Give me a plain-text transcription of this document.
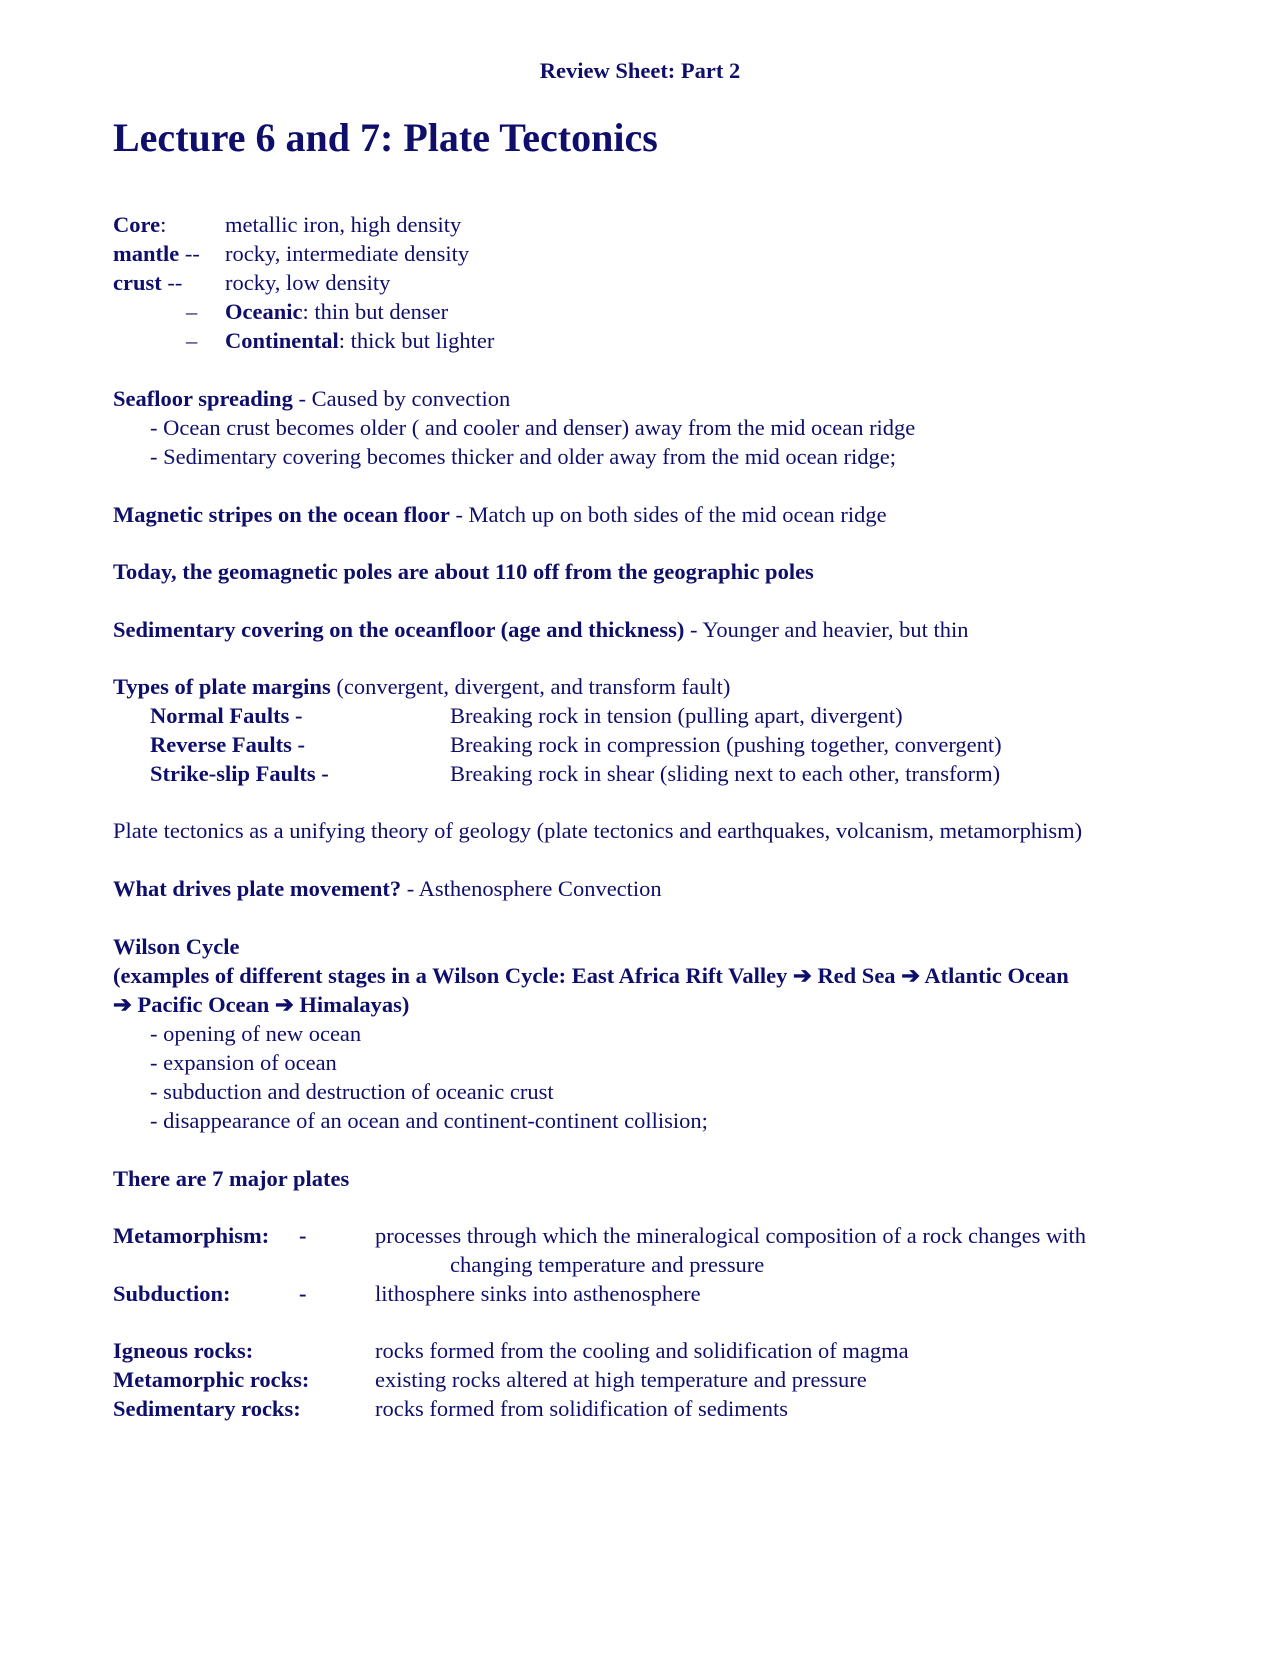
Review Sheet: Part 2
Lecture 6 and 7: Plate Tectonics
Core:	metallic iron, high density
mantle -- rocky, intermediate density
crust -- rocky, low density
– Oceanic: thin but denser
– Continental: thick but lighter
Seafloor spreading - Caused by convection
- Ocean crust becomes older ( and cooler and denser) away from the mid ocean ridge
- Sedimentary covering becomes thicker and older away from the mid ocean ridge;
Magnetic stripes on the ocean floor - Match up on both sides of the mid ocean ridge
Today, the geomagnetic poles are about 110 off from the geographic poles
Sedimentary covering on the oceanfloor (age and thickness) - Younger and heavier, but thin
Types of plate margins (convergent, divergent, and transform fault)
Normal Faults -	Breaking rock in tension (pulling apart, divergent)
Reverse Faults -	Breaking rock in compression (pushing together, convergent)
Strike-slip Faults -	Breaking rock in shear (sliding next to each other, transform)
Plate tectonics as a unifying theory of geology (plate tectonics and earthquakes, volcanism, metamorphism)
What drives plate movement? - Asthenosphere Convection
Wilson Cycle
(examples of different stages in a Wilson Cycle: East Africa Rift Valley ➔ Red Sea ➔ Atlantic Ocean
➔ Pacific Ocean ➔ Himalayas)
- opening of new ocean
- expansion of ocean
- subduction and destruction of oceanic crust
- disappearance of an ocean and continent-continent collision;
There are 7 major plates
Metamorphism: -	processes through which the mineralogical composition of a rock changes with
changing temperature and pressure
Subduction:	-	lithosphere sinks into asthenosphere
Igneous rocks:	rocks formed from the cooling and solidification of magma
Metamorphic rocks:	existing rocks altered at high temperature and pressure
Sedimentary rocks:	rocks formed from solidification of sediments
